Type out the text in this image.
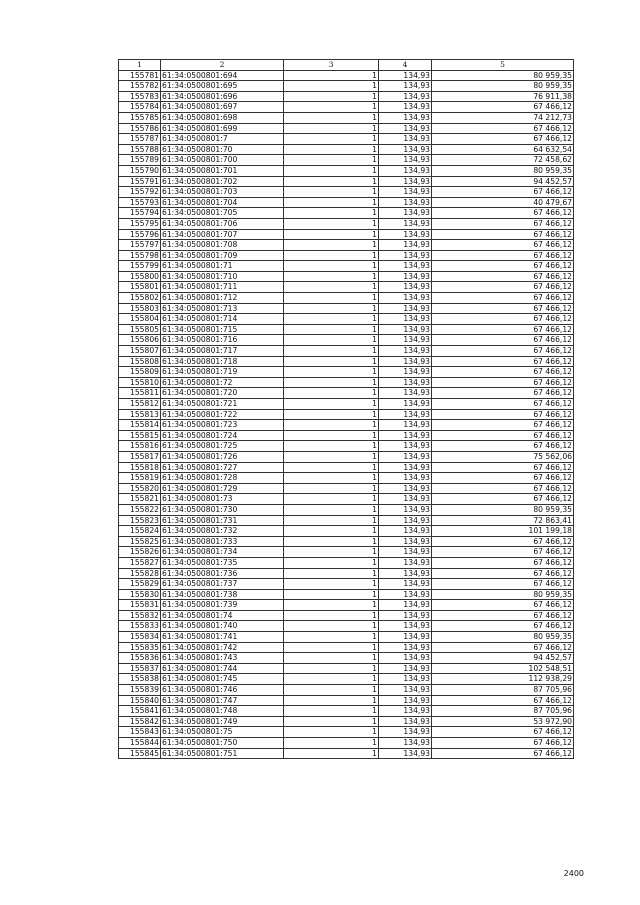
1	2	3	4	5
155781	61:34:0500801:694	1	134,93	80 959,35
155782	61:34:0500801:695	1	134,93	80 959,35
155783	61:34:0500801:696	1	134,93	76 911,38
155784	61:34:0500801:697	1	134,93	67 466,12
155785	61:34:0500801:698	1	134,93	74 212,73
155786	61:34:0500801:699	1	134,93	67 466,12
155787	61:34:0500801:7	1	134,93	67 466,12
155788	61:34:0500801:70	1	134,93	64 632,54
155789	61:34:0500801:700	1	134,93	72 458,62
155790	61:34:0500801:701	1	134,93	80 959,35
155791	61:34:0500801:702	1	134,93	94 452,57
155792	61:34:0500801:703	1	134,93	67 466,12
155793	61:34:0500801:704	1	134,93	40 479,67
155794	61:34:0500801:705	1	134,93	67 466,12
155795	61:34:0500801:706	1	134,93	67 466,12
155796	61:34:0500801:707	1	134,93	67 466,12
155797	61:34:0500801:708	1	134,93	67 466,12
155798	61:34:0500801:709	1	134,93	67 466,12
155799	61:34:0500801:71	1	134,93	67 466,12
155800	61:34:0500801:710	1	134,93	67 466,12
155801	61:34:0500801:711	1	134,93	67 466,12
155802	61:34:0500801:712	1	134,93	67 466,12
155803	61:34:0500801:713	1	134,93	67 466,12
155804	61:34:0500801:714	1	134,93	67 466,12
155805	61:34:0500801:715	1	134,93	67 466,12
155806	61:34:0500801:716	1	134,93	67 466,12
155807	61:34:0500801:717	1	134,93	67 466,12
155808	61:34:0500801:718	1	134,93	67 466,12
155809	61:34:0500801:719	1	134,93	67 466,12
155810	61:34:0500801:72	1	134,93	67 466,12
155811	61:34:0500801:720	1	134,93	67 466,12
155812	61:34:0500801:721	1	134,93	67 466,12
155813	61:34:0500801:722	1	134,93	67 466,12
155814	61:34:0500801:723	1	134,93	67 466,12
155815	61:34:0500801:724	1	134,93	67 466,12
155816	61:34:0500801:725	1	134,93	67 466,12
155817	61:34:0500801:726	1	134,93	75 562,06
155818	61:34:0500801:727	1	134,93	67 466,12
155819	61:34:0500801:728	1	134,93	67 466,12
155820	61:34:0500801:729	1	134,93	67 466,12
155821	61:34:0500801:73	1	134,93	67 466,12
155822	61:34:0500801:730	1	134,93	80 959,35
155823	61:34:0500801:731	1	134,93	72 863,41
155824	61:34:0500801:732	1	134,93	101 199,18
155825	61:34:0500801:733	1	134,93	67 466,12
155826	61:34:0500801:734	1	134,93	67 466,12
155827	61:34:0500801:735	1	134,93	67 466,12
155828	61:34:0500801:736	1	134,93	67 466,12
155829	61:34:0500801:737	1	134,93	67 466,12
155830	61:34:0500801:738	1	134,93	80 959,35
155831	61:34:0500801:739	1	134,93	67 466,12
155832	61:34:0500801:74	1	134,93	67 466,12
155833	61:34:0500801:740	1	134,93	67 466,12
155834	61:34:0500801:741	1	134,93	80 959,35
155835	61:34:0500801:742	1	134,93	67 466,12
155836	61:34:0500801:743	1	134,93	94 452,57
155837	61:34:0500801:744	1	134,93	102 548,51
155838	61:34:0500801:745	1	134,93	112 938,29
155839	61:34:0500801:746	1	134,93	87 705,96
155840	61:34:0500801:747	1	134,93	67 466,12
155841	61:34:0500801:748	1	134,93	87 705,96
155842	61:34:0500801:749	1	134,93	53 972,90
155843	61:34:0500801:75	1	134,93	67 466,12
155844	61:34:0500801:750	1	134,93	67 466,12
155845	61:34:0500801:751	1	134,93	67 466,12
2400
